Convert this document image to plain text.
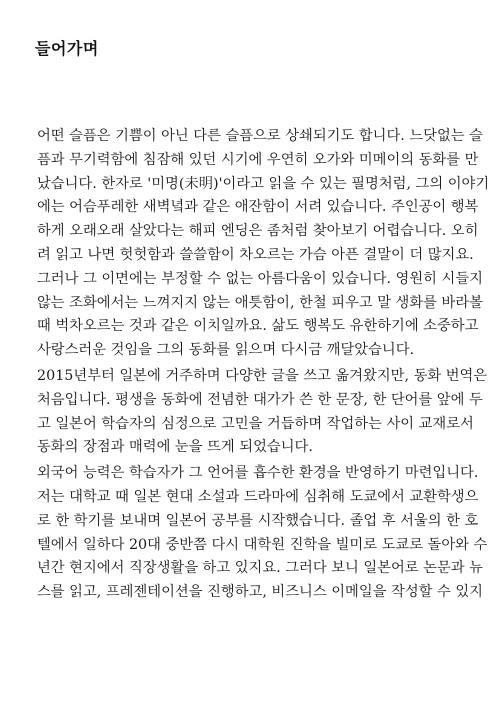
들어가며

어떤 슬픔은 기쁨이 아닌 다른 슬픔으로 상쇄되기도 합니다. 느닷없는 슬
픔과 무기력함에 침잠해 있던 시기에 우연히 오가와 미메이의 동화를 만
났습니다. 한자로 '미명(未明)'이라고 읽을 수 있는 필명처럼, 그의 이야기
에는 어슴푸레한 새벽녘과 같은 애잔함이 서려 있습니다. 주인공이 행복
하게 오래오래 살았다는 해피 엔딩은 좀처럼 찾아보기 어렵습니다. 오히
려 읽고 나면 헛헛함과 쓸쓸함이 차오르는 가슴 아픈 결말이 더 많지요.
그러나 그 이면에는 부정할 수 없는 아름다움이 있습니다. 영원히 시들지
않는 조화에서는 느껴지지 않는 애틋함이, 한철 피우고 말 생화를 바라볼
때 벅차오르는 것과 같은 이치일까요. 삶도 행복도 유한하기에 소중하고
사랑스러운 것임을 그의 동화를 읽으며 다시금 깨달았습니다.

2015년부터 일본에 거주하며 다양한 글을 쓰고 옮겨왔지만, 동화 번역은
처음입니다. 평생을 동화에 전념한 대가가 쓴 한 문장, 한 단어를 앞에 두
고 일본어 학습자의 심정으로 고민을 거듭하며 작업하는 사이 교재로서
동화의 장점과 매력에 눈을 뜨게 되었습니다.

외국어 능력은 학습자가 그 언어를 흡수한 환경을 반영하기 마련입니다.
저는 대학교 때 일본 현대 소설과 드라마에 심취해 도쿄에서 교환학생으
로 한 학기를 보내며 일본어 공부를 시작했습니다. 졸업 후 서울의 한 호
텔에서 일하다 20대 중반쯤 다시 대학원 진학을 빌미로 도쿄로 돌아와 수
년간 현지에서 직장생활을 하고 있지요. 그러다 보니 일본어로 논문과 뉴
스를 읽고, 프레젠테이션을 진행하고, 비즈니스 이메일을 작성할 수 있지
